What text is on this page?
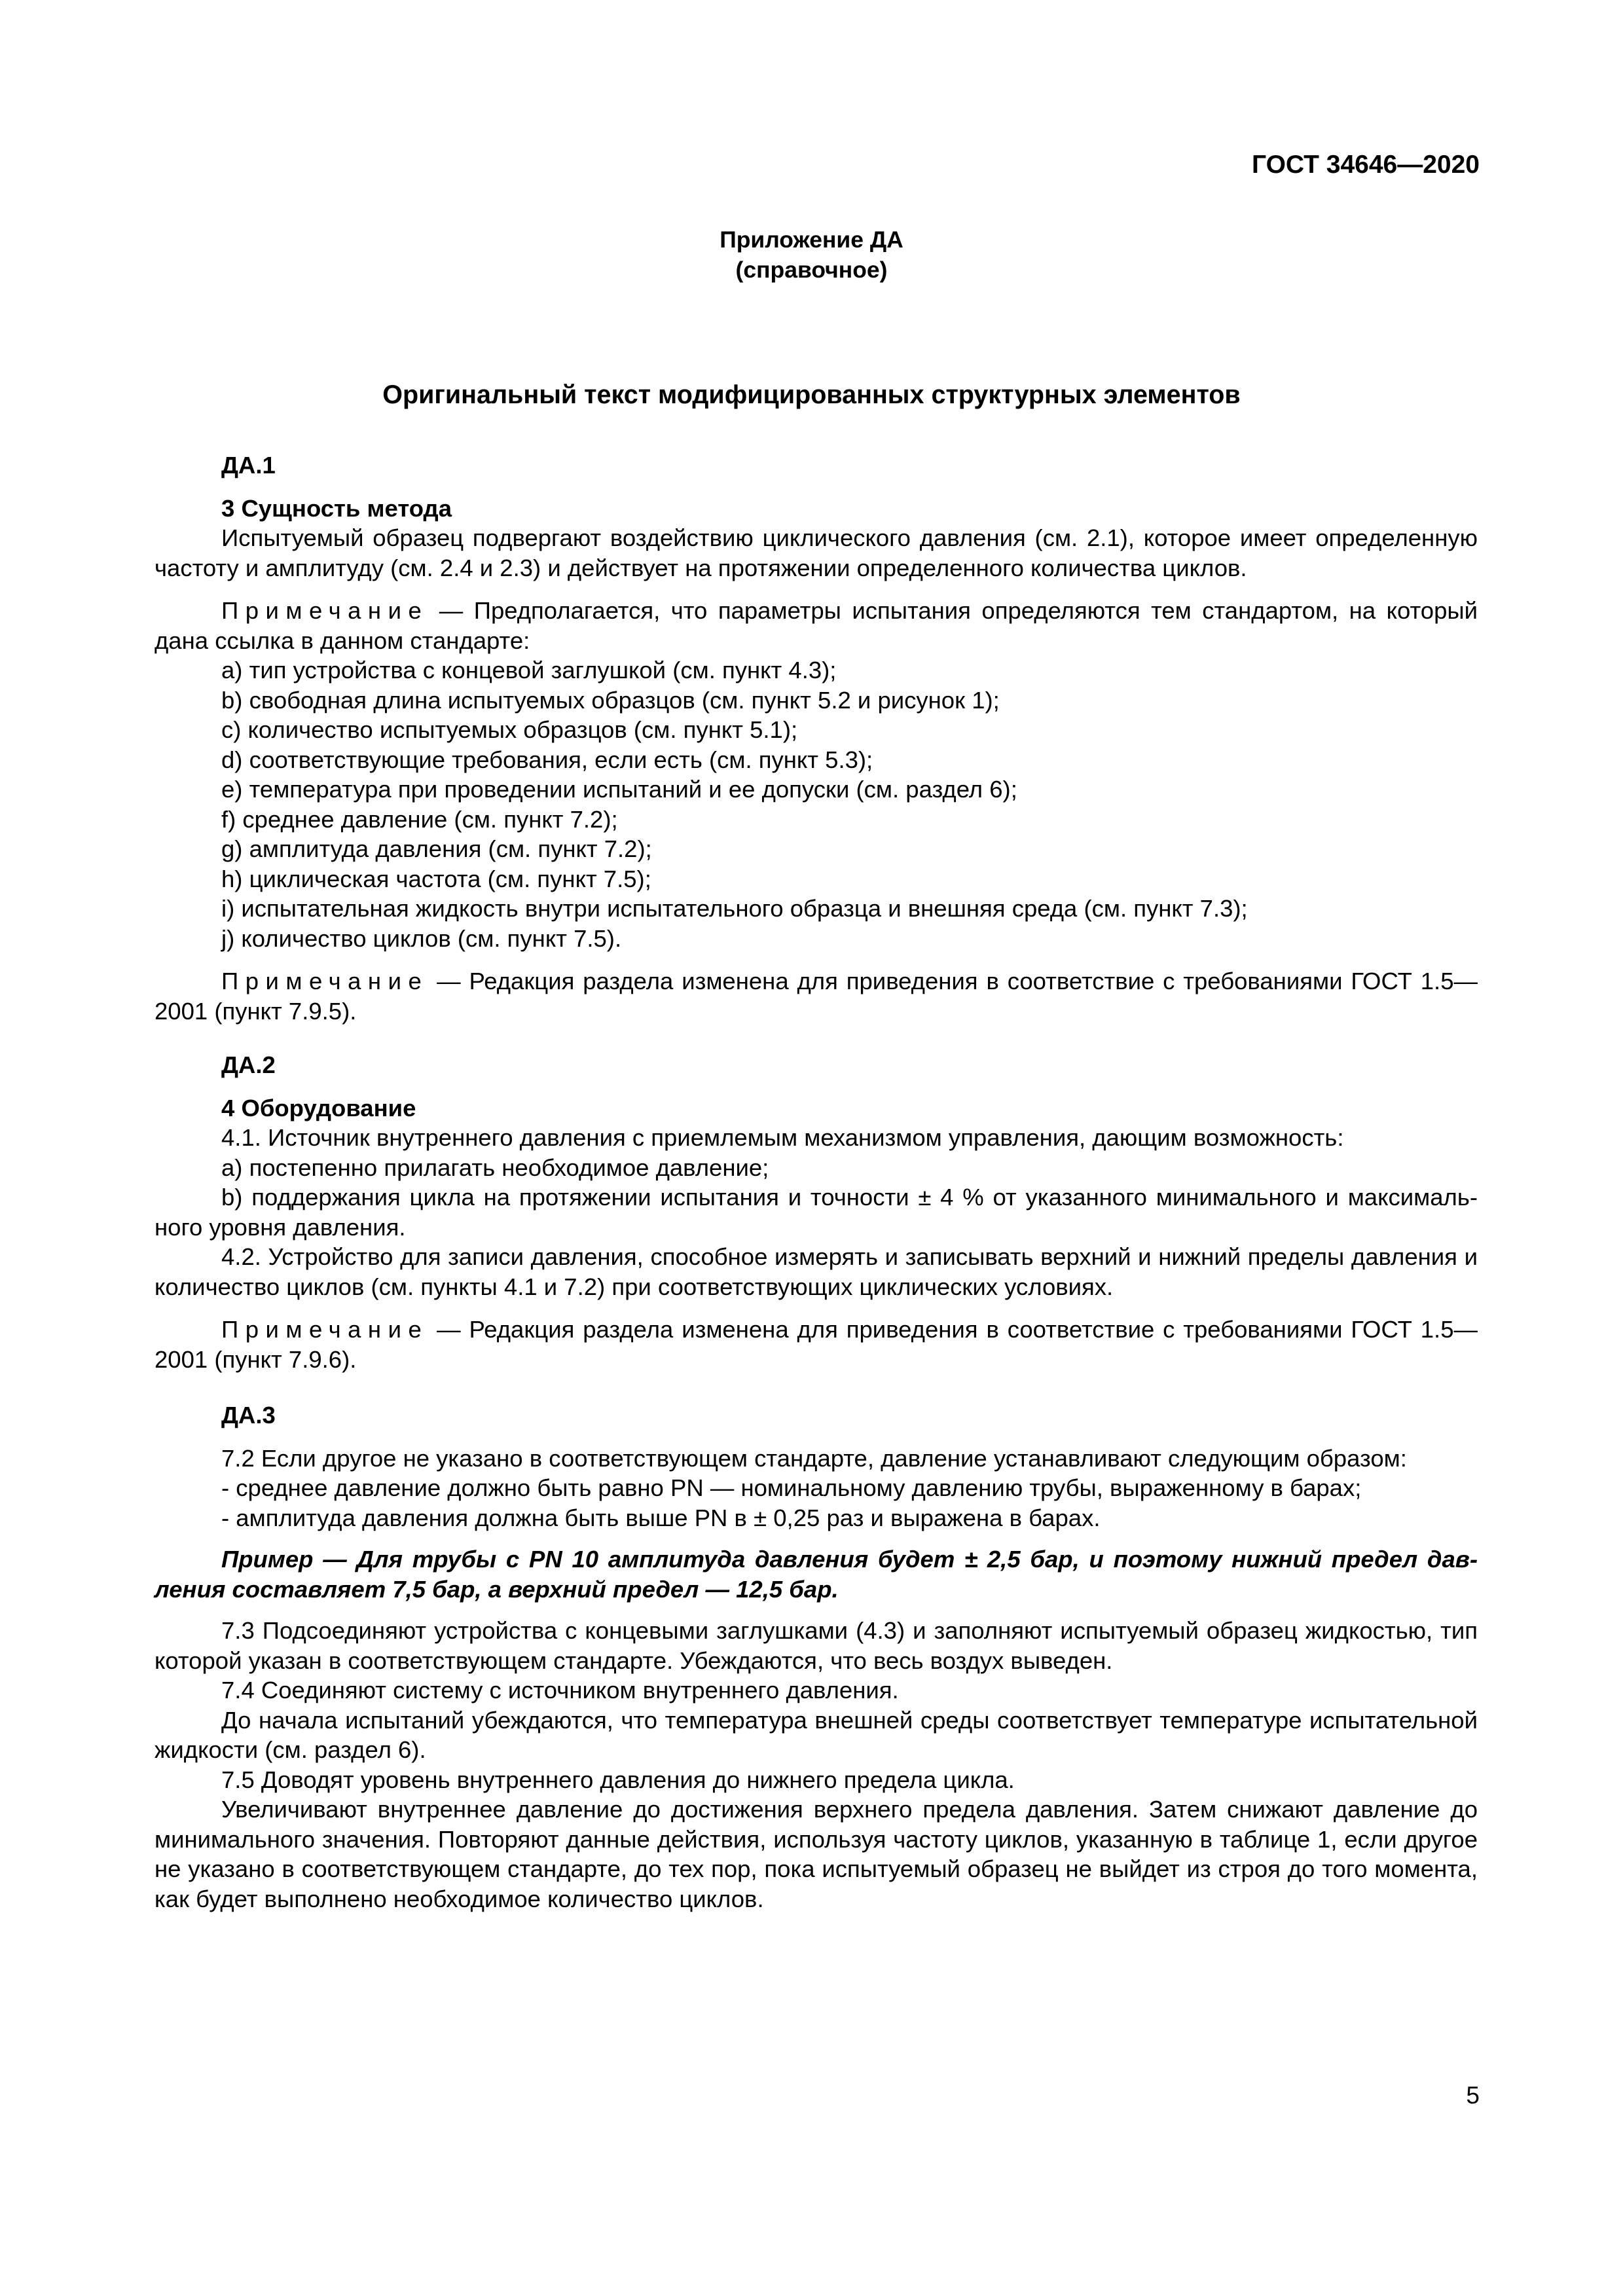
ГОСТ 34646—2020
Приложение ДА
(справочное)
Оригинальный текст модифицированных структурных элементов

ДА.1

3 Сущность метода

Испытуемый образец подвергают воздействию циклического давления (см. 2.1), которое имеет определенную частоту и амплитуду (см. 2.4 и 2.3) и действует на протяжении определенного количества циклов.

Примечание — Предполагается, что параметры испытания определяются тем стандартом, на который дана ссылка в данном стандарте:

a) тип устройства с концевой заглушкой (см. пункт 4.3);

b) свободная длина испытуемых образцов (см. пункт 5.2 и рисунок 1);

c) количество испытуемых образцов (см. пункт 5.1);

d) соответствующие требования, если есть (см. пункт 5.3);

e) температура при проведении испытаний и ее допуски (см. раздел 6);

f) среднее давление (см. пункт 7.2);

g) амплитуда давления (см. пункт 7.2);

h) циклическая частота (см. пункт 7.5);

i) испытательная жидкость внутри испытательного образца и внешняя среда (см. пункт 7.3);

j) количество циклов (см. пункт 7.5).

Примечание — Редакция раздела изменена для приведения в соответствие с требованиями ГОСТ 1.5—2001 (пункт 7.9.5).

ДА.2

4 Оборудование

4.1. Источник внутреннего давления с приемлемым механизмом управления, дающим возможность:

a) постепенно прилагать необходимое давление;

b) поддержания цикла на протяжении испытания и точности ± 4 % от указанного минимального и максимального уровня давления.

4.2. Устройство для записи давления, способное измерять и записывать верхний и нижний пределы давления и количество циклов (см. пункты 4.1 и 7.2) при соответствующих циклических условиях.

Примечание — Редакция раздела изменена для приведения в соответствие с требованиями ГОСТ 1.5—2001 (пункт 7.9.6).

ДА.3

7.2 Если другое не указано в соответствующем стандарте, давление устанавливают следующим образом:

- среднее давление должно быть равно PN — номинальному давлению трубы, выраженному в барах;

- амплитуда давления должна быть выше PN в ± 0,25 раз и выражена в барах.

Пример — Для трубы с PN 10 амплитуда давления будет ± 2,5 бар, и поэтому нижний предел давления составляет 7,5 бар, а верхний предел — 12,5 бар.

7.3 Подсоединяют устройства с концевыми заглушками (4.3) и заполняют испытуемый образец жидкостью, тип которой указан в соответствующем стандарте. Убеждаются, что весь воздух выведен.

7.4 Соединяют систему с источником внутреннего давления.

До начала испытаний убеждаются, что температура внешней среды соответствует температуре испытательной жидкости (см. раздел 6).

7.5 Доводят уровень внутреннего давления до нижнего предела цикла.

Увеличивают внутреннее давление до достижения верхнего предела давления. Затем снижают давление до минимального значения. Повторяют данные действия, используя частоту циклов, указанную в таблице 1, если другое не указано в соответствующем стандарте, до тех пор, пока испытуемый образец не выйдет из строя до того момента, как будет выполнено необходимое количество циклов.

5
